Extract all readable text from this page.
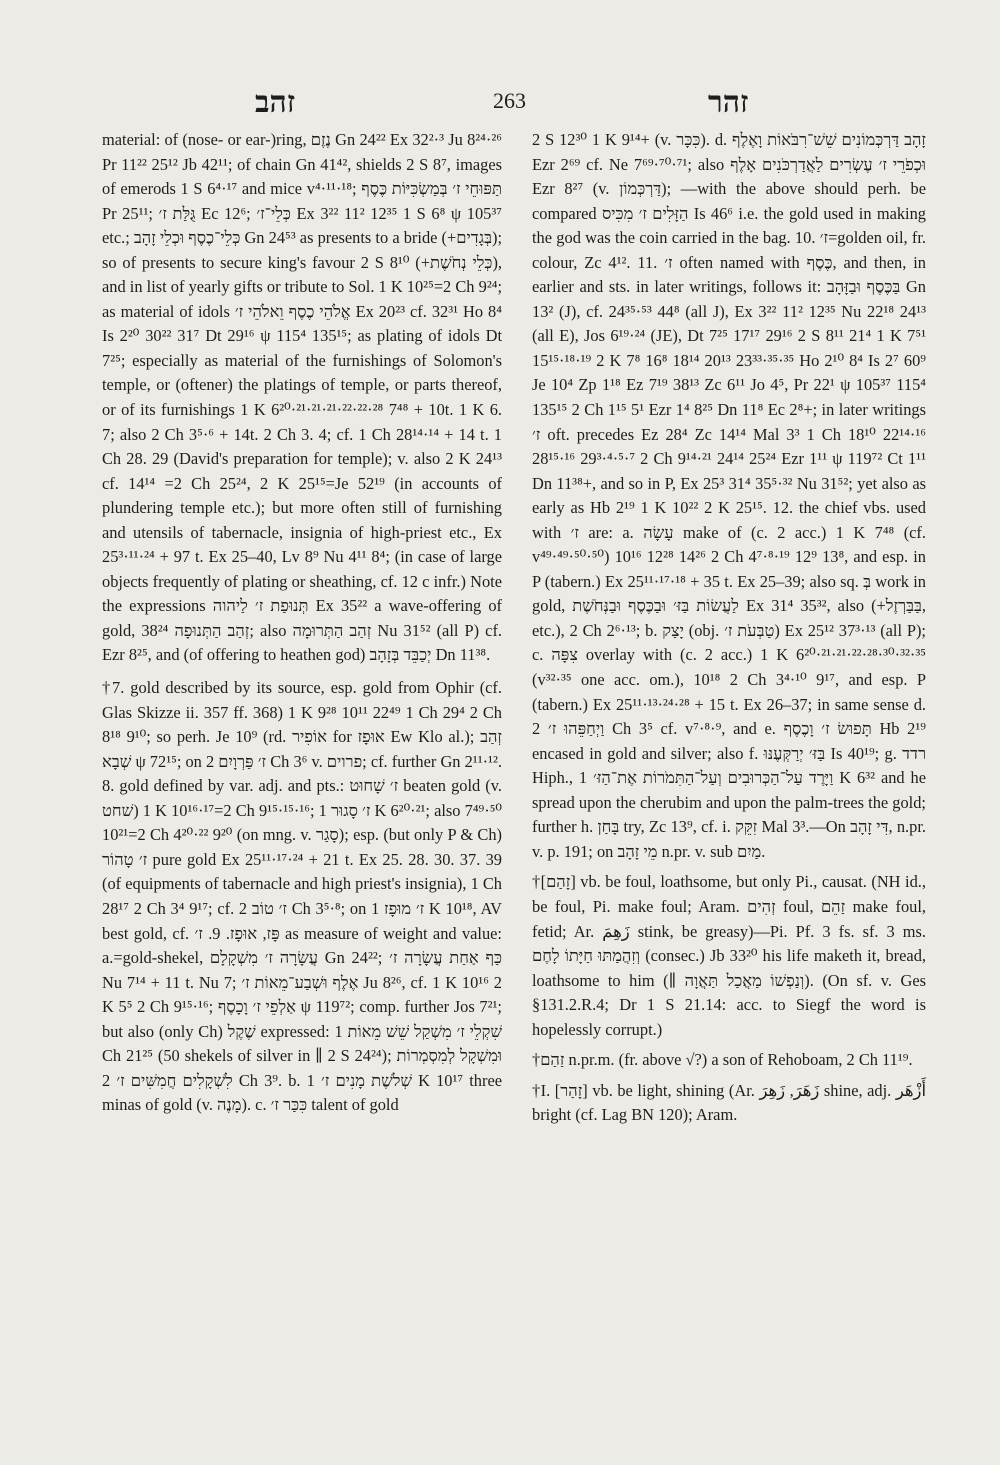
זהב	263	זהר

material: of (nose- or ear-)ring, נֶזֶם Gn 24²² Ex 32²·³ Ju 8²⁴·²⁶ Pr 11²² 25¹² Jb 42¹¹; of chain Gn 41⁴², shields 2 S 8⁷, images of emerods 1 S 6⁴·¹⁷ and mice v⁴·¹¹·¹⁸; תַּפּוּחֵי ז׳ בְּמַשְׂכִּיּוֹת כֶּסֶף Pr 25¹¹; גֻּלַּת ז׳ Ec 12⁶; כְּלֵי־ז׳ Ex 3²² 11² 12³⁵ 1 S 6⁸ ψ 105³⁷ etc.; כְּלֵי־כֶסֶף וּכְלֵי זָהָב Gn 24⁵³ as presents to a bride (+בְּגָדִים); so of presents to secure king's favour 2 S 8¹⁰ (+כְּלֵי נְחֹשֶׁת), and in list of yearly gifts or tribute to Sol. 1 K 10²⁵=2 Ch 9²⁴; as material of idols אֱלֹהֵי כֶסֶף וֵאלֹהֵי ז׳ Ex 20²³ cf. 32³¹ Ho 8⁴ Is 2²⁰ 30²² 31⁷ Dt 29¹⁶ ψ 115⁴ 135¹⁵; as plating of idols Dt 7²⁵; especially as material of the furnishings of Solomon's temple, or (oftener) the platings of temple, or parts thereof, or of its furnishings 1 K 6²⁰·²¹·²¹·²¹·²²·²²·²⁸ 7⁴⁸ + 10t. 1 K 6. 7; also 2 Ch 3⁵·⁶ + 14t. 2 Ch 3. 4; cf. 1 Ch 28¹⁴·¹⁴ + 14 t. 1 Ch 28. 29 (David's preparation for temple); v. also 2 K 24¹³ cf. 14¹⁴ =2 Ch 25²⁴, 2 K 25¹⁵=Je 52¹⁹ (in accounts of plundering temple etc.); but more often still of furnishing and utensils of tabernacle, insignia of high-priest etc., Ex 25³·¹¹·²⁴ + 97 t. Ex 25–40, Lv 8⁹ Nu 4¹¹ 8⁴; (in case of large objects frequently of plating or sheathing, cf. 12 c infr.) Note the expressions תְּנוּפַת ז׳ לַיהוה Ex 35²² a wave-offering of gold, זְהַב הַתְּנוּפָה 38²⁴; also זְהַב הַתְּרוּמָה Nu 31⁵² (all P) cf. Ezr 8²⁵, and (of offering to heathen god) יְכַבֵּד בְּזָהָב Dn 11³⁸.

†7. gold described by its source, esp. gold from Ophir (cf. Glas Skizze ii. 357 ff. 368) 1 K 9²⁸ 10¹¹ 22⁴⁹ 1 Ch 29⁴ 2 Ch 8¹⁸ 9¹⁰; so perh. Je 10⁹ (rd. אוֹפִיר for אוּפָז Ew Klo al.); זְהַב שְׁבָא ψ 72¹⁵; on ז׳ פַּרְוָיִם 2 Ch 3⁶ v. פרוים; cf. further Gn 2¹¹·¹². 8. gold defined by var. adj. and pts.: ז׳ שָׁחוּט beaten gold (v. שׁחט) 1 K 10¹⁶·¹⁷=2 Ch 9¹⁵·¹⁵·¹⁶; ז׳ סָגוּר 1 K 6²⁰·²¹; also 7⁴⁹·⁵⁰ 10²¹=2 Ch 4²⁰·²² 9²⁰ (on mng. v. סָגַר); esp. (but only P & Ch) ז׳ טָהוֹר pure gold Ex 25¹¹·¹⁷·²⁴ + 21 t. Ex 25. 28. 30. 37. 39 (of equipments of tabernacle and high priest's insignia), 1 Ch 28¹⁷ 2 Ch 3⁴ 9¹⁷; cf. ז׳ טוֹב 2 Ch 3⁵·⁸; on ז׳ מוּפָז 1 K 10¹⁸, AV best gold, cf. פָּז, אוּפָז. 9. ז׳ as measure of weight and value: a.=gold-shekel, עֲשָׂרָה ז׳ מִשְׁקָלָם Gn 24²²; כַּף אַחַת עֲשָׂרָה ז׳ Nu 7¹⁴ + 11 t. Nu 7; אֶלֶף וּשְׁבַע־מֵאוֹת ז׳ Ju 8²⁶, cf. 1 K 10¹⁶ 2 K 5⁵ 2 Ch 9¹⁵·¹⁶; אַלְפֵי ז׳ וָכָסֶף ψ 119⁷²; comp. further Jos 7²¹; but also (only Ch) שֶׁקֶל expressed: שִׁקְלֵי ז׳ מִשְׁקַל שֵׁשׁ מֵאוֹת 1 Ch 21²⁵ (50 shekels of silver in ∥ 2 S 24²⁴); וּמִשְׁקָל לְמִסְמְרוֹת לִשְׁקָלִים חֲמִשִּׁים ז׳ 2 Ch 3⁹. b. שְׁלֹשֶׁת מָנִים ז׳ 1 K 10¹⁷ three minas of gold (v. מָנֶה). c. כִּכַּר ז׳ talent of gold

2 S 12³⁰ 1 K 9¹⁴+ (v. כִּכָּר). d. זָהָב דַּרְכְּמוֹנִים שֵׁשׁ־רִבֹּאוֹת וָאֶלֶף Ezr 2⁶⁹ cf. Ne 7⁶⁹·⁷⁰·⁷¹; also וּכְפֹרֵי ז׳ עֶשְׂרִים לַאֲדַרְכֹּנִים אָלֶף Ezr 8²⁷ (v. דַּרְכְּמוֹן); —with the above should perh. be compared הַזָּלִים ז׳ מִכִּיס Is 46⁶ i.e. the gold used in making the god was the coin carried in the bag. 10. ז׳=golden oil, fr. colour, Zc 4¹². 11. ז׳ often named with כֶּסֶף, and then, in earlier and sts. in later writings, follows it: בַּכֶּסֶף וּבַזָּהָב Gn 13² (J), cf. 24³⁵·⁵³ 44⁸ (all J), Ex 3²² 11² 12³⁵ Nu 22¹⁸ 24¹³ (all E), Jos 6¹⁹·²⁴ (JE), Dt 7²⁵ 17¹⁷ 29¹⁶ 2 S 8¹¹ 21⁴ 1 K 7⁵¹ 15¹⁵·¹⁸·¹⁹ 2 K 7⁸ 16⁸ 18¹⁴ 20¹³ 23³³·³⁵·³⁵ Ho 2¹⁰ 8⁴ Is 2⁷ 60⁹ Je 10⁴ Zp 1¹⁸ Ez 7¹⁹ 38¹³ Zc 6¹¹ Jo 4⁵, Pr 22¹ ψ 105³⁷ 115⁴ 135¹⁵ 2 Ch 1¹⁵ 5¹ Ezr 1⁴ 8²⁵ Dn 11⁸ Ec 2⁸+; in later writings ז׳ oft. precedes Ez 28⁴ Zc 14¹⁴ Mal 3³ 1 Ch 18¹⁰ 22¹⁴·¹⁶ 28¹⁵·¹⁶ 29³·⁴·⁵·⁷ 2 Ch 9¹⁴·²¹ 24¹⁴ 25²⁴ Ezr 1¹¹ ψ 119⁷² Ct 1¹¹ Dn 11³⁸+, and so in P, Ex 25³ 31⁴ 35⁵·³² Nu 31⁵²; yet also as early as Hb 2¹⁹ 1 K 10²² 2 K 25¹⁵. 12. the chief vbs. used with ז׳ are: a. עָשָׂה make of (c. 2 acc.) 1 K 7⁴⁸ (cf. v⁴⁹·⁴⁹·⁵⁰·⁵⁰) 10¹⁶ 12²⁸ 14²⁶ 2 Ch 4⁷·⁸·¹⁹ 12⁹ 13⁸, and esp. in P (tabern.) Ex 25¹¹·¹⁷·¹⁸ + 35 t. Ex 25–39; also sq. בְּ work in gold, לַעֲשׂוֹת בַּזּ׳ וּבַכֶּסֶף וּבַנְּחֹשֶׁת Ex 31⁴ 35³², also (+בַּבַּרְזֶל, etc.), 2 Ch 2⁶·¹³; b. יָצַק (obj. טַבְּעֹת ז׳) Ex 25¹² 37³·¹³ (all P); c. צִפָּה overlay with (c. 2 acc.) 1 K 6²⁰·²¹·²¹·²²·²⁸·³⁰·³²·³⁵ (v³²·³⁵ one acc. om.), 10¹⁸ 2 Ch 3⁴·¹⁰ 9¹⁷, and esp. P (tabern.) Ex 25¹¹·¹³·²⁴·²⁸ + 15 t. Ex 26–37; in same sense d. וַיְחַפֵּהוּ ז׳ 2 Ch 3⁵ cf. v⁷·⁸·⁹, and e. תָּפוּשׂ ז׳ וָכֶסֶף Hb 2¹⁹ encased in gold and silver; also f. בַּזּ׳ יְרַקְּעֶנּוּ Is 40¹⁹; g. רדד Hiph., וַיָּרֶד עַל־הַכְּרוּבִים וְעַל־הַתִּמֹרוֹת אֶת־הַזּ׳ 1 K 6³² and he spread upon the cherubim and upon the palm-trees the gold; further h. בָּחַן try, Zc 13⁹, cf. i. זִקֵּק Mal 3³.—On דִּי זָהָב, n.pr. v. p. 191; on מֵי זָהָב n.pr. v. sub מַיִם.

†[זָהַם] vb. be foul, loathsome, but only Pi., causat. (NH id., be foul, Pi. make foul; Aram. זְהִים foul, זַהֵם make foul, fetid; Ar. زَهِمَ stink, be greasy)—Pi. Pf. 3 fs. sf. 3 ms. וְזִהֲמַתּוּ חַיָּתוֹ לָחֶם (consec.) Jb 33²⁰ his life maketh it, bread, loathsome to him (∥ וְנַפְשׁוֹ מַאֲכַל תַּאֲוָה). (On sf. v. Ges §131.2.R.4; Dr 1 S 21.14: acc. to Siegf the word is hopelessly corrupt.)

†זַהַם n.pr.m. (fr. above √?) a son of Rehoboam, 2 Ch 11¹⁹.

†I. [זָהַר] vb. be light, shining (Ar. زَهَرَ, زَهِرَ shine, adj. أَزْهَر bright (cf. Lag BN 120); Aram.
